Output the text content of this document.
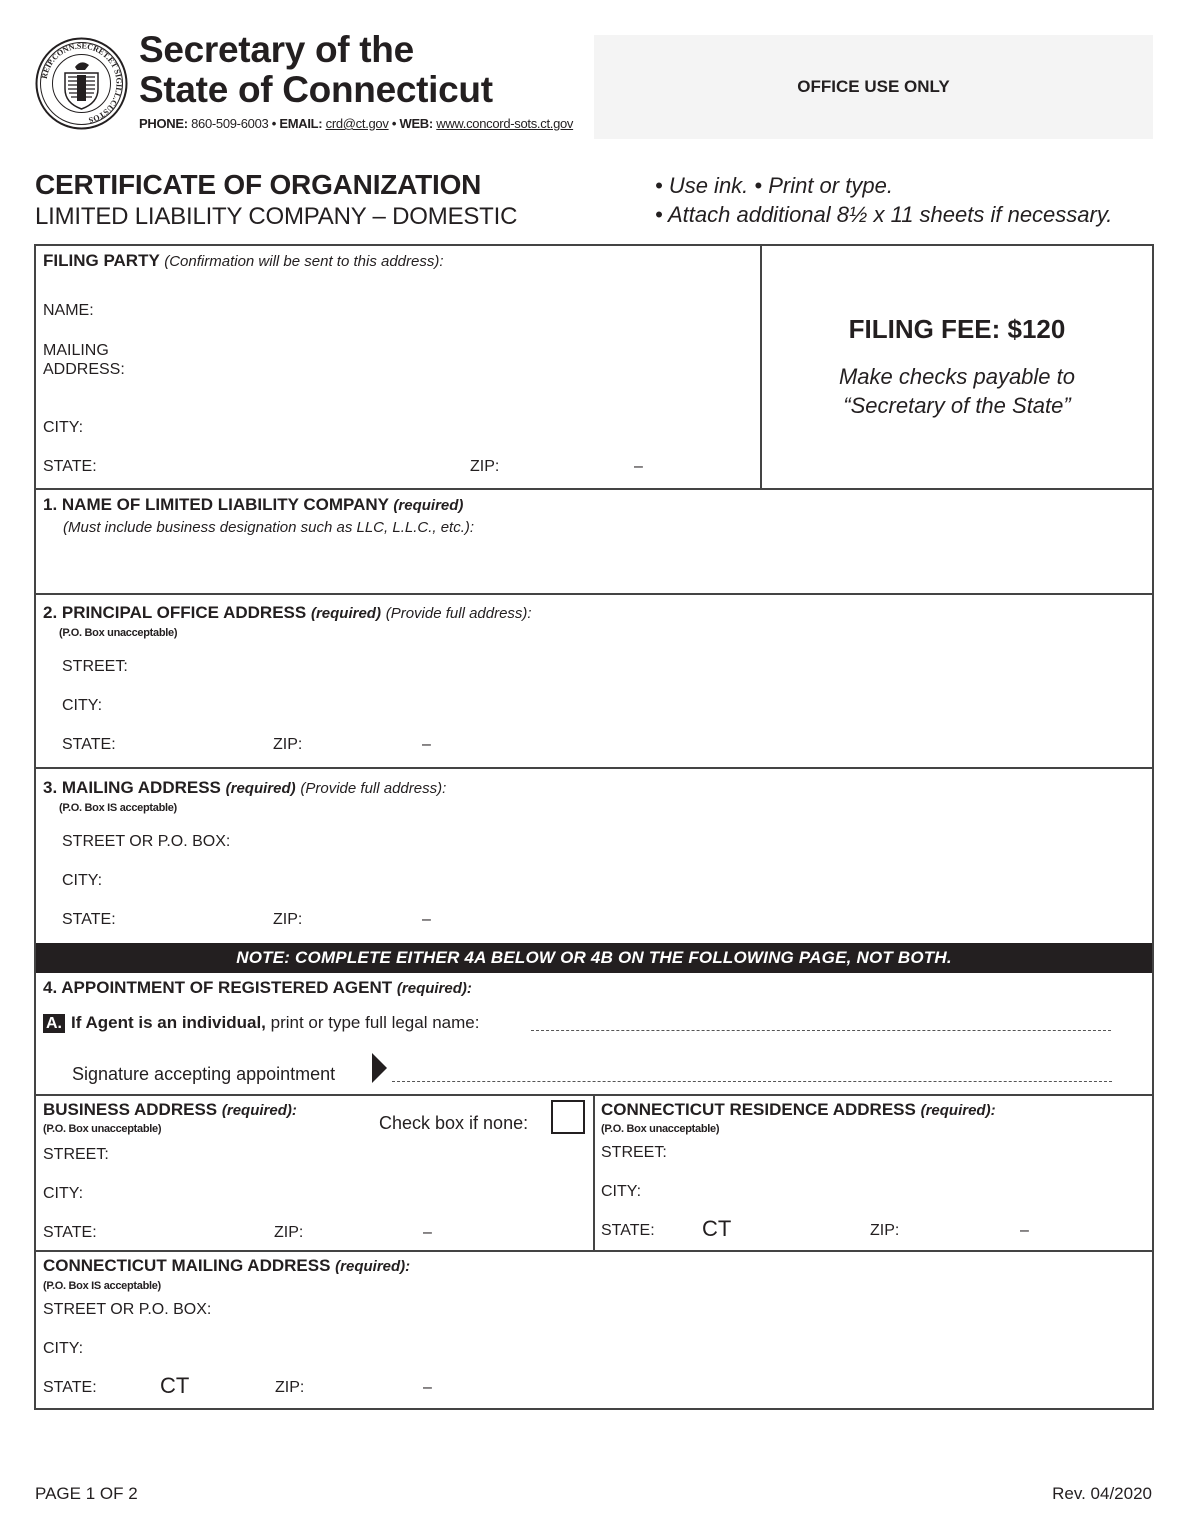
REIP.CONN.SECRET.ET SIGILL.CUSTOS
Secretary of the
State of Connecticut
PHONE: 860-509-6003 • EMAIL: crd@ct.gov • WEB: www.concord-sots.ct.gov
OFFICE USE ONLY
CERTIFICATE OF ORGANIZATION
LIMITED LIABILITY COMPANY – DOMESTIC
• Use ink. • Print or type.
• Attach additional 8½ x 11 sheets if necessary.
FILING PARTY (Confirmation will be sent to this address):
NAME:
MAILING
ADDRESS:
CITY:
STATE:	ZIP:	–
FILING FEE: $120
Make checks payable to
“Secretary of the State”
1. NAME OF LIMITED LIABILITY COMPANY (required)
(Must include business designation such as LLC, L.L.C., etc.):
2. PRINCIPAL OFFICE ADDRESS (required) (Provide full address):
(P.O. Box unacceptable)
STREET:
CITY:
STATE:	ZIP:	–
3. MAILING ADDRESS (required) (Provide full address):
(P.O. Box IS acceptable)
STREET OR P.O. BOX:
CITY:
STATE:	ZIP:	–
NOTE: COMPLETE EITHER 4A BELOW OR 4B ON THE FOLLOWING PAGE, NOT BOTH.
4. APPOINTMENT OF REGISTERED AGENT (required):
A. If Agent is an individual, print or type full legal name:
Signature accepting appointment
BUSINESS ADDRESS (required):
(P.O. Box unacceptable)	Check box if none:
STREET:
CITY:
STATE:	ZIP:	–
CONNECTICUT RESIDENCE ADDRESS (required):
(P.O. Box unacceptable)
STREET:
CITY:
STATE: CT	ZIP:	–
CONNECTICUT MAILING ADDRESS (required):
(P.O. Box IS acceptable)
STREET OR P.O. BOX:
CITY:
STATE:	CT	ZIP:	–
PAGE 1 OF 2	Rev. 04/2020
